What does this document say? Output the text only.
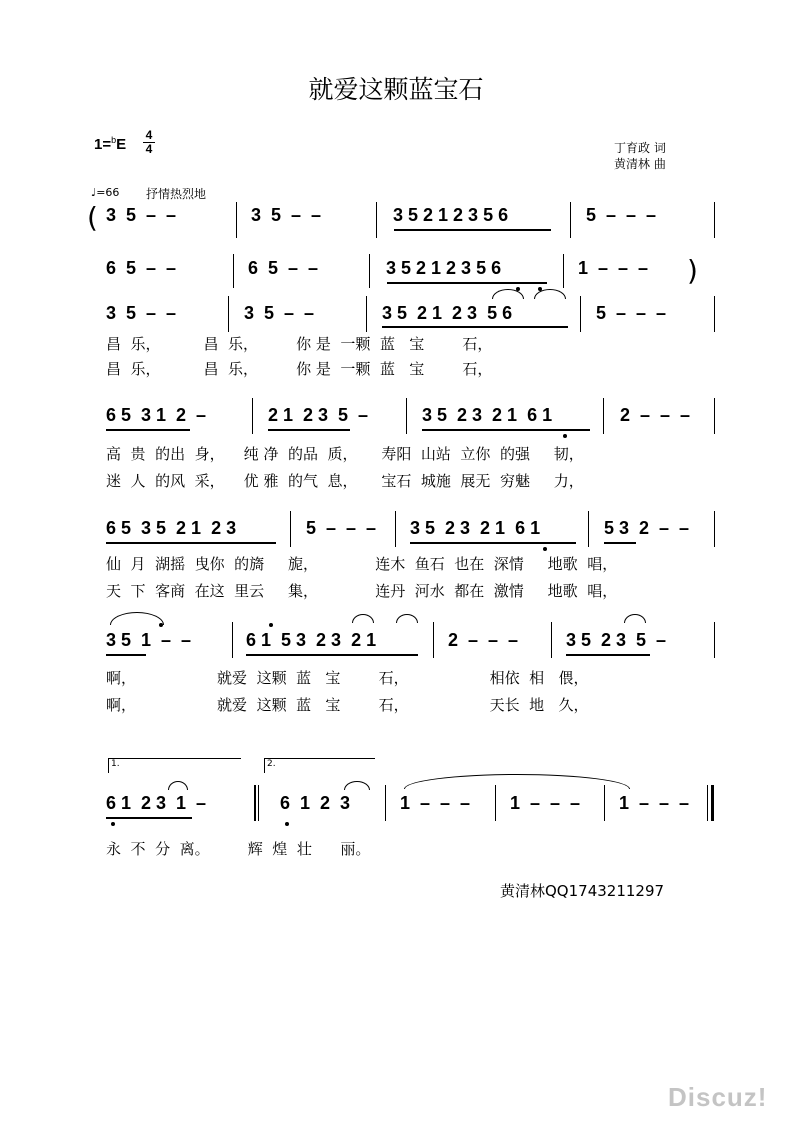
就爱这颗蓝宝石
1=$^b$E
4
4	丁育政 词
黄清林 曲
♩=66 抒情热烈地
( 3  5  –  –	3  5  –  –	3 5 2 1 2 3 5 6	5  –  –  –
6  5  –  –	6  5  –  –	3 5 2 1 2 3 5 6	1  –  –  – )
3  5  –  –	3  5  –  –	3 5  2 1  2 3  5 6	5  –  –  –
昌  乐，         昌  乐，        你 是  一颗  蓝   宝        石，
昌  乐，         昌  乐，        你 是  一颗  蓝   宝        石，
6 5  3 1  2  –	2 1  2 3  5  –	3 5  2 3  2 1  6 1	2  –  –  –
高  贵  的出  身，    纯 净  的品  质，     寿阳  山站  立你  的强     韧，
迷  人  的风  采，    优 雅  的气  息，     宝石  城施  展无  穷魅     力，
6 5  3 5  2 1  2 3	5  –  –  – 3 5  2 3  2 1  6 1	5 3  2  –  –
仙  月  湖摇  曳你  的旖     旎，            连木  鱼石  也在  深情     地歌  唱，
天  下  客商  在这  里云     集，            连丹  河水  都在  激情     地歌  唱，
3 5  1  –  –	6 1  5 3  2 3  2 1	2  –  –  –	3 5  2 3  5  –
啊，                 就爱  这颗  蓝   宝        石，                 相依  相   偎，
啊，                 就爱  这颗  蓝   宝        石，                 天长  地   久，
1.	2.
6 1  2 3  1  –	6  1  2  3	1  –  –  – 1  –  –  – 1  –  –  –
永  不  分  离。        辉  煌  壮      丽。
黄清林QQ1743211297
Discuz!
